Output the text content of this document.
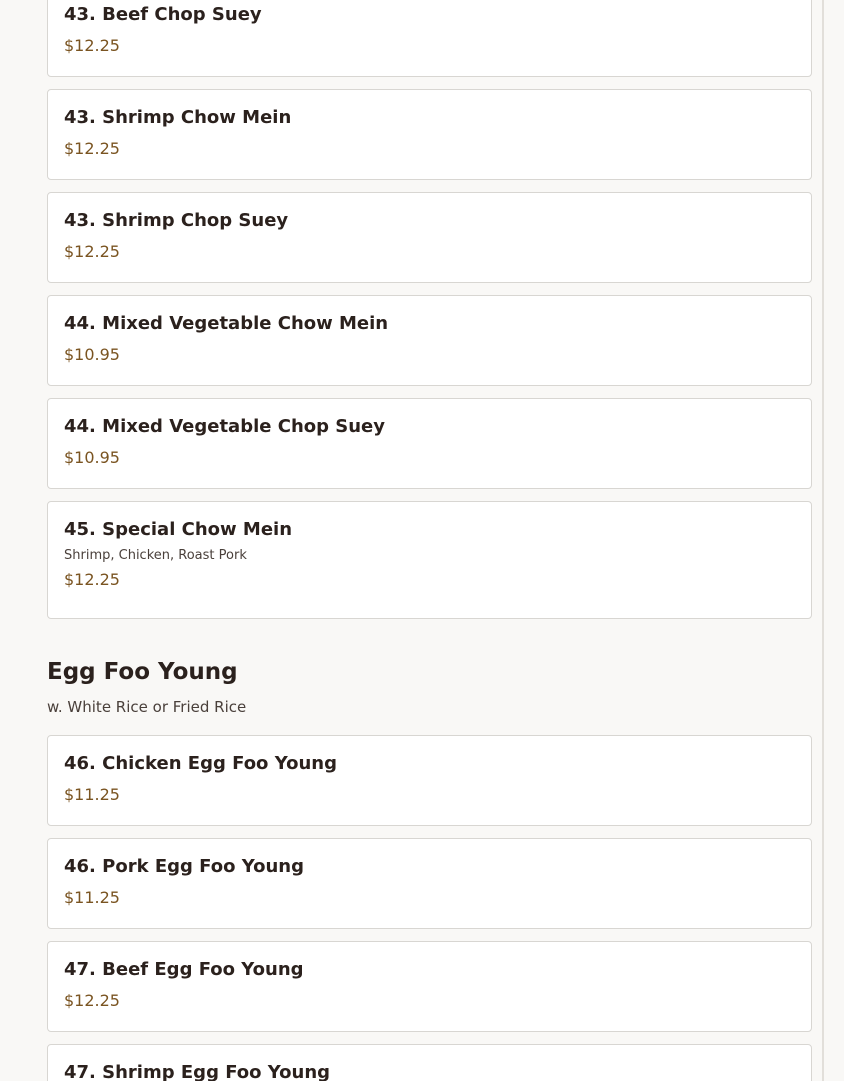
43. Beef Chop Suey
$12.25
43. Shrimp Chow Mein
$12.25
43. Shrimp Chop Suey
$12.25
44. Mixed Vegetable Chow Mein
$10.95
44. Mixed Vegetable Chop Suey
$10.95
45. Special Chow Mein
Shrimp, Chicken, Roast Pork
$12.25
Egg Foo Young
w. White Rice or Fried Rice
46. Chicken Egg Foo Young
$11.25
46. Pork Egg Foo Young
$11.25
47. Beef Egg Foo Young
$12.25
47. Shrimp Egg Foo Young
